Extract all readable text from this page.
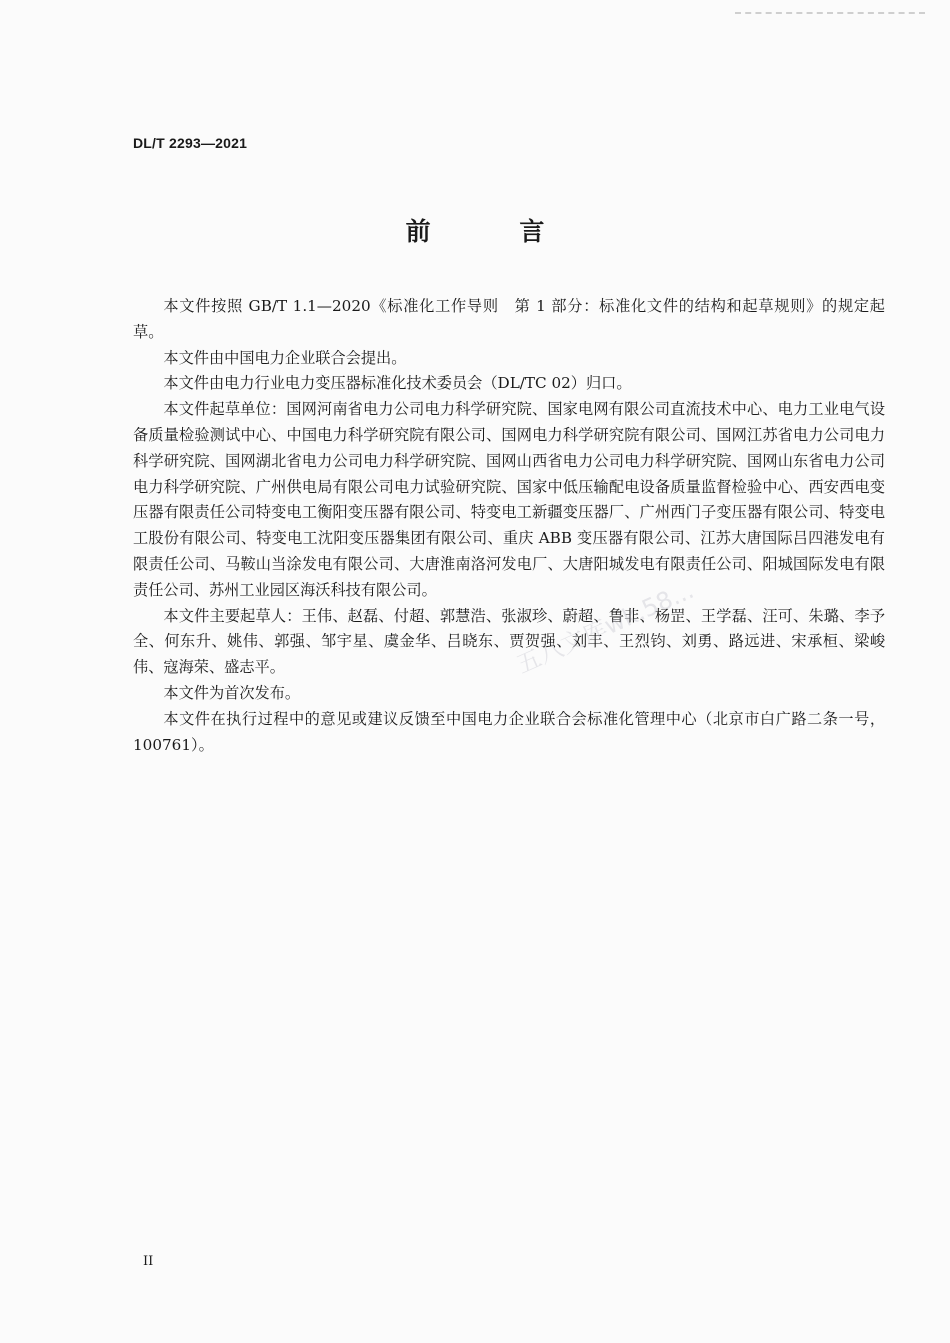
DL/T 2293—2021
前 言

本文件按照 GB/T 1.1—2020《标准化工作导则　第 1 部分：标准化文件的结构和起草规则》的规定起草。

本文件由中国电力企业联合会提出。

本文件由电力行业电力变压器标准化技术委员会（DL/TC 02）归口。

本文件起草单位：国网河南省电力公司电力科学研究院、国家电网有限公司直流技术中心、电力工业电气设备质量检验测试中心、中国电力科学研究院有限公司、国网电力科学研究院有限公司、国网江苏省电力公司电力科学研究院、国网湖北省电力公司电力科学研究院、国网山西省电力公司电力科学研究院、国网山东省电力公司电力科学研究院、广州供电局有限公司电力试验研究院、国家中低压输配电设备质量监督检验中心、西安西电变压器有限责任公司特变电工衡阳变压器有限公司、特变电工新疆变压器厂、广州西门子变压器有限公司、特变电工股份有限公司、特变电工沈阳变压器集团有限公司、重庆 ABB 变压器有限公司、江苏大唐国际吕四港发电有限责任公司、马鞍山当涂发电有限公司、大唐淮南洛河发电厂、大唐阳城发电有限责任公司、阳城国际发电有限责任公司、苏州工业园区海沃科技有限公司。

本文件主要起草人：王伟、赵磊、付超、郭慧浩、张淑珍、蔚超、鲁非、杨罡、王学磊、汪可、朱璐、李予全、何东升、姚伟、郭强、邹宇星、虞金华、吕晓东、贾贺强、刘丰、王烈钧、刘勇、路远进、宋承桓、梁峻伟、寇海荣、盛志平。

本文件为首次发布。

本文件在执行过程中的意见或建议反馈至中国电力企业联合会标准化管理中心（北京市白广路二条一号，100761）。

五八文库wk.58...
II
